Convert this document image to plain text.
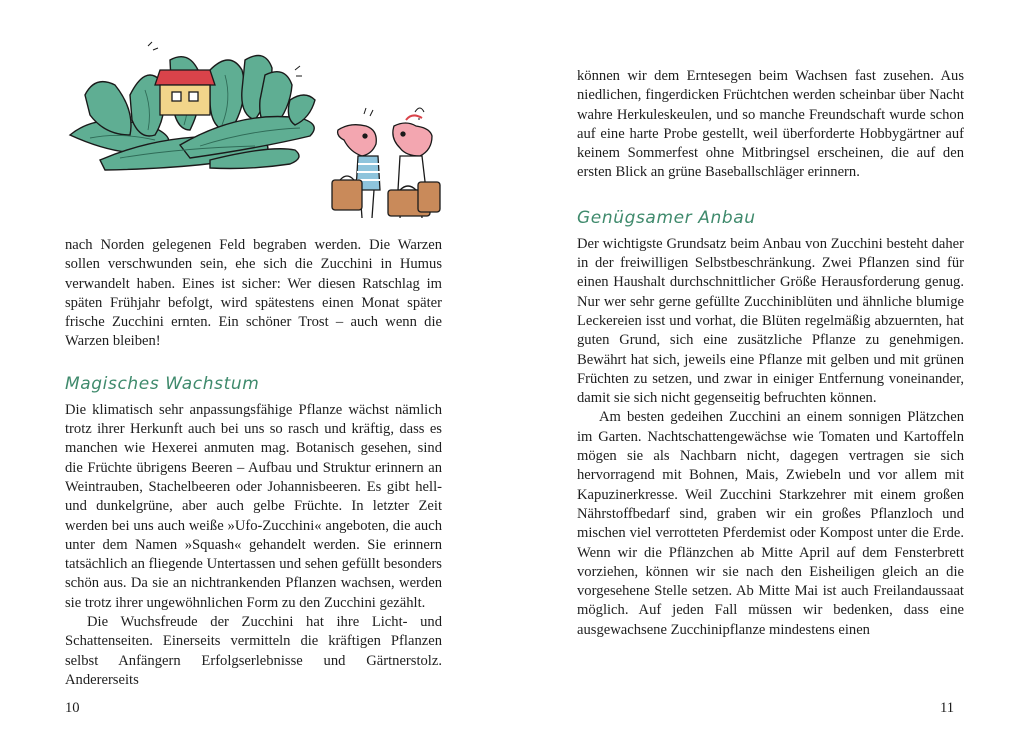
nach Norden gelegenen Feld begraben werden. Die Warzen sollen verschwunden sein, ehe sich die Zucchini in Humus verwandelt haben. Eines ist sicher: Wer diesen Ratschlag im späten Frühjahr befolgt, wird spätestens einen Monat später frische Zucchini ernten. Ein schöner Trost – auch wenn die Warzen bleiben!

Magisches Wachstum

Die klimatisch sehr anpassungsfähige Pflanze wächst nämlich trotz ihrer Herkunft auch bei uns so rasch und kräftig, dass es manchen wie Hexerei anmuten mag. Botanisch gesehen, sind die Früchte übrigens Beeren – Aufbau und Struktur erinnern an Weintrauben, Stachelbeeren oder Johannisbeeren. Es gibt hell- und dunkelgrüne, aber auch gelbe Früchte. In letzter Zeit werden bei uns auch weiße »Ufo-Zucchini« angeboten, die auch unter dem Namen »Squash« gehandelt werden. Sie erinnern tatsächlich an fliegende Untertassen und sehen gefüllt besonders schön aus. Da sie an nichtrankenden Pflanzen wachsen, werden sie trotz ihrer ungewöhnlichen Form zu den Zucchini gezählt.

Die Wuchsfreude der Zucchini hat ihre Licht- und Schattenseiten. Einerseits vermitteln die kräftigen Pflanzen selbst Anfängern Erfolgserlebnisse und Gärtnerstolz. Andererseits

10

können wir dem Erntesegen beim Wachsen fast zusehen. Aus niedlichen, fingerdicken Früchtchen werden scheinbar über Nacht wahre Herkuleskeulen, und so manche Freundschaft wurde schon auf eine harte Probe gestellt, weil überforderte Hobbygärtner auf keinem Sommerfest ohne Mitbringsel erscheinen, die auf den ersten Blick an grüne Baseballschläger erinnern.

Genügsamer Anbau

Der wichtigste Grundsatz beim Anbau von Zucchini besteht daher in der freiwilligen Selbstbeschränkung. Zwei Pflanzen sind für einen Haushalt durchschnittlicher Größe Herausforderung genug. Nur wer sehr gerne gefüllte Zucchiniblüten und ähnliche blumige Leckereien isst und vorhat, die Blüten regelmäßig abzuernten, hat guten Grund, sich eine zusätzliche Pflanze zu genehmigen. Bewährt hat sich, jeweils eine Pflanze mit gelben und mit grünen Früchten zu setzen, und zwar in einiger Entfernung voneinander, damit sie sich nicht gegenseitig befruchten können.

Am besten gedeihen Zucchini an einem sonnigen Plätzchen im Garten. Nachtschattengewächse wie Tomaten und Kartoffeln mögen sie als Nachbarn nicht, dagegen vertragen sie sich hervorragend mit Bohnen, Mais, Zwiebeln und vor allem mit Kapuzinerkresse. Weil Zucchini Starkzehrer mit einem großen Nährstoffbedarf sind, graben wir ein großes Pflanzloch und mischen viel verrotteten Pferdemist oder Kompost unter die Erde. Wenn wir die Pflänzchen ab Mitte April auf dem Fensterbrett vorziehen, können wir sie nach den Eisheiligen gleich an die vorgesehene Stelle setzen. Ab Mitte Mai ist auch Freilandaussaat möglich. Auf jeden Fall müssen wir bedenken, dass eine ausgewachsene Zucchinipflanze mindestens einen

11
